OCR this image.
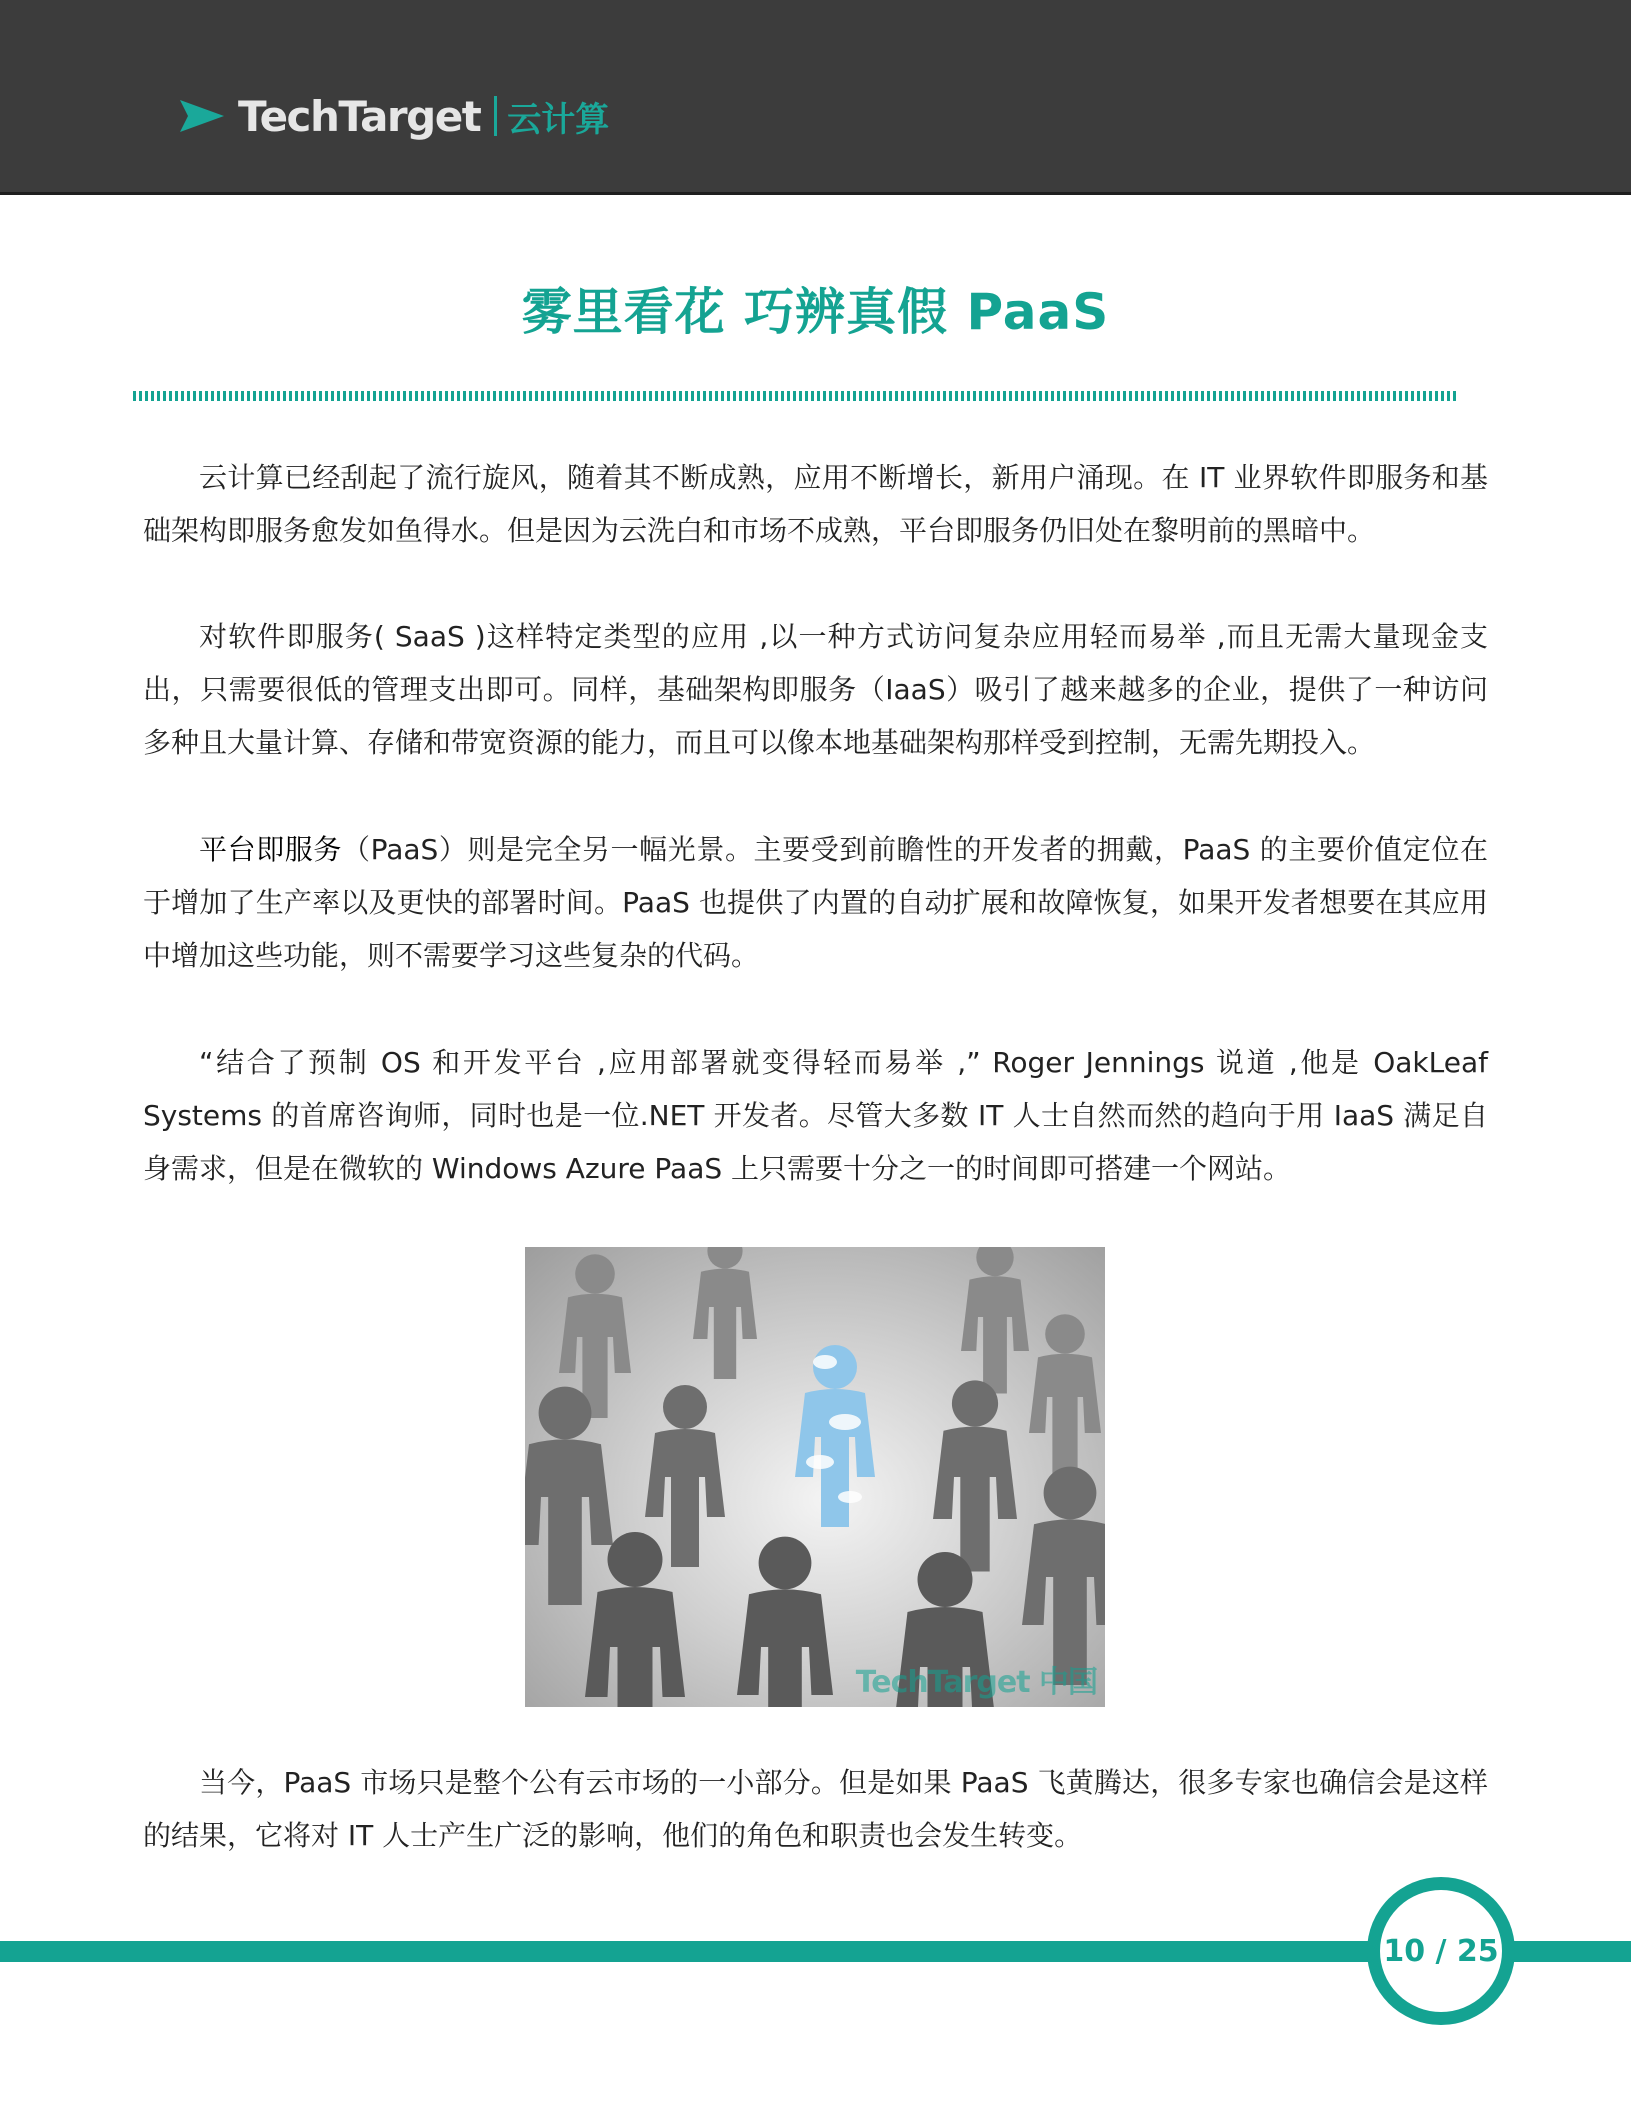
TechTarget 云计算
雾里看花 巧辨真假 PaaS

云计算已经刮起了流行旋风，随着其不断成熟，应用不断增长，新用户涌现。在 IT 业界软件即服务和基础架构即服务愈发如鱼得水。但是因为云洗白和市场不成熟，平台即服务仍旧处在黎明前的黑暗中。

对软件即服务( SaaS )这样特定类型的应用 ,以一种方式访问复杂应用轻而易举 ,而且无需大量现金支出，只需要很低的管理支出即可。同样，基础架构即服务（IaaS）吸引了越来越多的企业，提供了一种访问多种且大量计算、存储和带宽资源的能力，而且可以像本地基础架构那样受到控制，无需先期投入。

平台即服务（PaaS）则是完全另一幅光景。主要受到前瞻性的开发者的拥戴，PaaS 的主要价值定位在于增加了生产率以及更快的部署时间。PaaS 也提供了内置的自动扩展和故障恢复，如果开发者想要在其应用中增加这些功能，则不需要学习这些复杂的代码。

“结合了预制 OS 和开发平台 ,应用部署就变得轻而易举 ,” Roger Jennings 说道 ,他是 OakLeaf Systems 的首席咨询师，同时也是一位.NET 开发者。尽管大多数 IT 人士自然而然的趋向于用 IaaS 满足自身需求，但是在微软的 Windows Azure PaaS 上只需要十分之一的时间即可搭建一个网站。

TechTarget 中国

当今，PaaS 市场只是整个公有云市场的一小部分。但是如果 PaaS 飞黄腾达，很多专家也确信会是这样的结果，它将对 IT 人士产生广泛的影响，他们的角色和职责也会发生转变。

10 / 25
